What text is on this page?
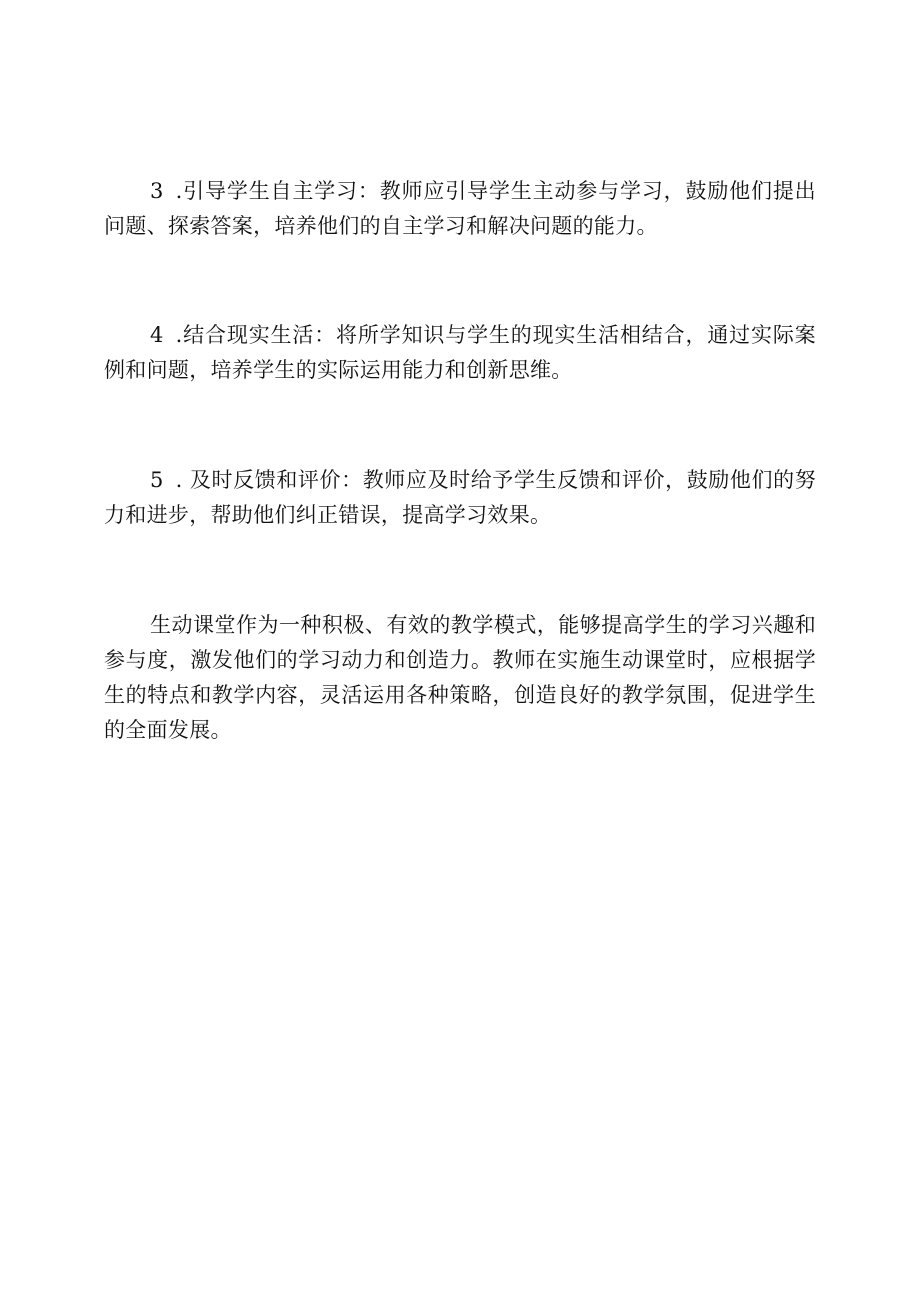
3 .引导学生自主学习：教师应引导学生主动参与学习，鼓励他们提出问题、探索答案，培养他们的自主学习和解决问题的能力。

4 .结合现实生活：将所学知识与学生的现实生活相结合，通过实际案例和问题，培养学生的实际运用能力和创新思维。

5 . 及时反馈和评价：教师应及时给予学生反馈和评价，鼓励他们的努力和进步，帮助他们纠正错误，提高学习效果。

生动课堂作为一种积极、有效的教学模式，能够提高学生的学习兴趣和参与度，激发他们的学习动力和创造力。教师在实施生动课堂时，应根据学生的特点和教学内容，灵活运用各种策略，创造良好的教学氛围，促进学生的全面发展。
